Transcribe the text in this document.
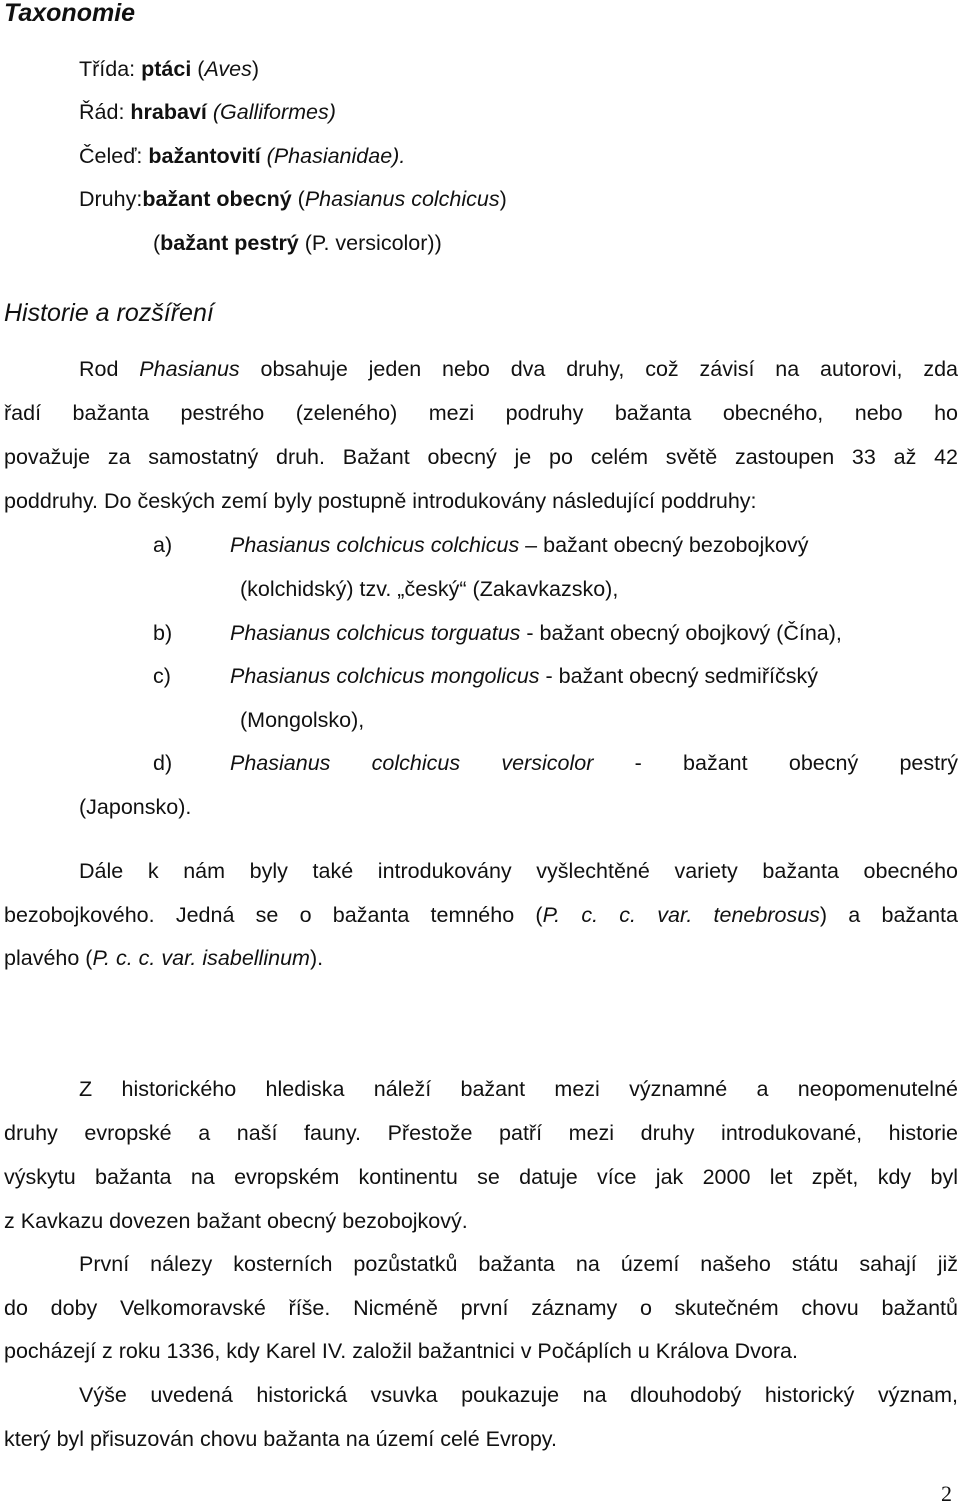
Taxonomie
Třída: ptáci (Aves)
Řád: hrabaví (Galliformes)
Čeleď: bažantovití (Phasianidae).
Druhy:bažant obecný (Phasianus colchicus)
(bažant pestrý (P. versicolor))
Historie a rozšíření
Rod Phasianus obsahuje jeden nebo dva druhy, což závisí na autorovi, zda
řadí bažanta pestrého (zeleného) mezi podruhy bažanta obecného, nebo ho
považuje za samostatný druh. Bažant obecný je po celém světě zastoupen 33 až 42
poddruhy. Do českých zemí byly postupně introdukovány následující poddruhy:
a)	Phasianus colchicus colchicus – bažant obecný bezobojkový
(kolchidský) tzv. „český“ (Zakavkazsko),
b)	Phasianus colchicus torguatus - bažant obecný obojkový (Čína),
c)	Phasianus colchicus mongolicus - bažant obecný sedmiříčský
(Mongolsko),
d)	Phasianus colchicus versicolor - bažant obecný pestrý
(Japonsko).
Dále k nám byly také introdukovány vyšlechtěné variety bažanta obecného
bezobojkového. Jedná se o bažanta temného (P. c. c. var. tenebrosus) a bažanta
plavého (P. c. c. var. isabellinum).
Z historického hlediska náleží bažant mezi významné a neopomenutelné
druhy evropské a naší fauny. Přestože patří mezi druhy introdukované, historie
výskytu bažanta na evropském kontinentu se datuje více jak 2000 let zpět, kdy byl
z Kavkazu dovezen bažant obecný bezobojkový.
První nálezy kosterních pozůstatků bažanta na území našeho státu sahají již
do doby Velkomoravské říše. Nicméně první záznamy o skutečném chovu bažantů
pocházejí z roku 1336, kdy Karel IV. založil bažantnici v Počáplích u Králova Dvora.
Výše uvedená historická vsuvka poukazuje na dlouhodobý historický význam,
který byl přisuzován chovu bažanta na území celé Evropy.
2
